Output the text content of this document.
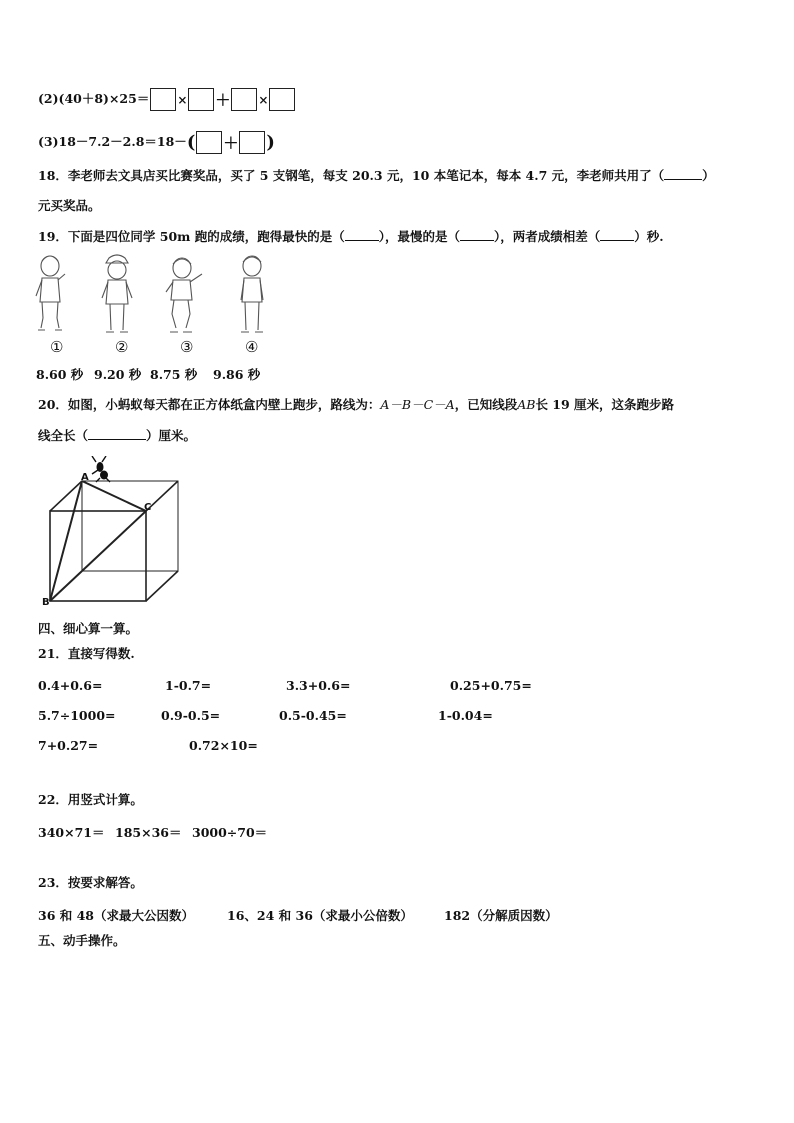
(2)(40＋8)×25＝ × ＋ ×
(3)18－7.2－2.8＝18－( ＋ )
18．李老师去文具店买比赛奖品，买了 5 支钢笔，每支 20.3 元，10 本笔记本，每本 4.7 元，李老师共用了（	）
元买奖品。
19．下面是四位同学 50m 跑的成绩，跑得最快的是（	），最慢的是（	），两者成绩相差（	）秒.
①	②	③	④
8.60 秒 9.20 秒 8.75 秒 9.86 秒
20．如图，小蚂蚁每天都在正方体纸盒内壁上跑步，路线为：A－B－C－A，已知线段AB长 19 厘米，这条跑步路
线全长（	）厘米。
A
B
C
四、细心算一算。
21．直接写得数.
0.4+0.6=	1-0.7=	3.3+0.6=	0.25+0.75=
5.7÷1000=	0.9-0.5=	0.5-0.45=	1-0.04=
7+0.27=	0.72×10=
22．用竖式计算。
340×71＝ 185×36＝ 3000÷70＝
23．按要求解答。
36 和 48（求最大公因数）	16、24 和 36（求最小公倍数） 182（分解质因数）
五、动手操作。
